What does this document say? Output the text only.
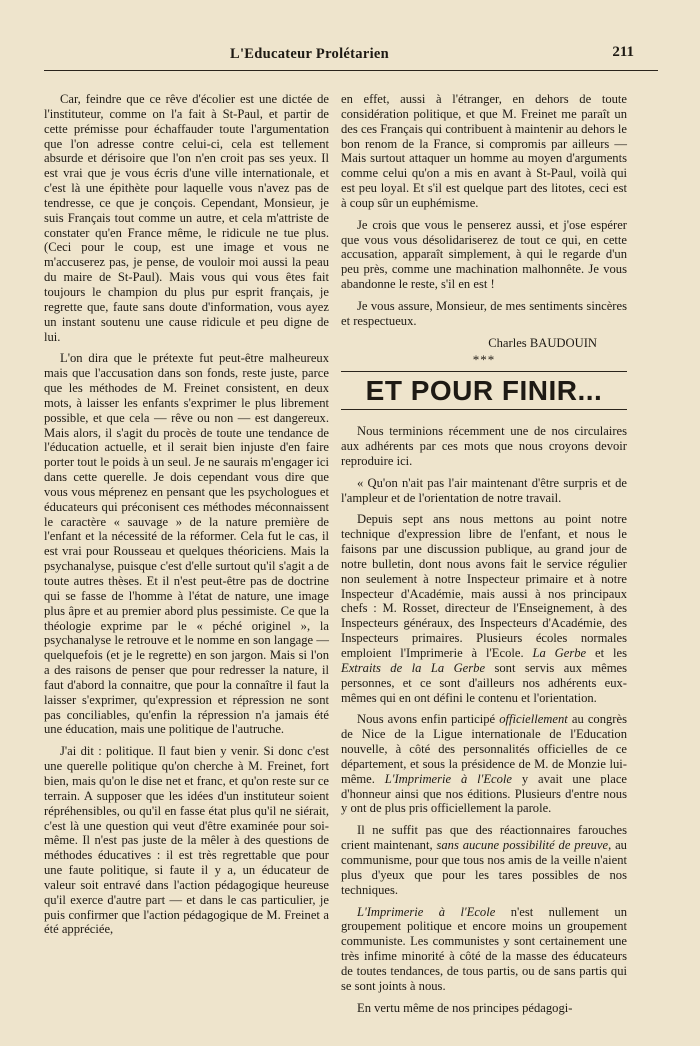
L'Educateur Prolétarien	211

Car, feindre que ce rêve d'écolier est une dictée de l'instituteur, comme on l'a fait à St-Paul, et partir de cette prémisse pour échaffauder toute l'argumentation que l'on adresse contre celui-ci, cela est tellement absurde et dérisoire que l'on n'en croit pas ses yeux. Il est vrai que je vous écris d'une ville internationale, et c'est là une épithète pour laquelle vous n'avez pas de tendresse, ce que je conçois. Cependant, Monsieur, je suis Français tout comme un autre, et cela m'attriste de constater qu'en France même, le ridicule ne tue plus. (Ceci pour le coup, est une image et vous ne m'accuserez pas, je pense, de vouloir moi aussi la peau du maire de St-Paul). Mais vous qui vous êtes fait toujours le champion du plus pur esprit français, je regrette que, faute sans doute d'information, vous ayez un instant soutenu une cause ridicule et peu digne de lui.

L'on dira que le prétexte fut peut-être malheureux mais que l'accusation dans son fonds, reste juste, parce que les méthodes de M. Freinet consistent, en deux mots, à laisser les enfants s'exprimer le plus librement possible, et que cela — rêve ou non — est dangereux. Mais alors, il s'agit du procès de toute une tendance de l'éducation actuelle, et il serait bien injuste d'en faire porter tout le poids à un seul. Je ne saurais m'engager ici dans cette querelle. Je dois cependant vous dire que vous vous méprenez en pensant que les psychologues et éducateurs qui préconisent ces méthodes méconnaissent le caractère « sauvage » de la nature première de l'enfant et la nécessité de la réformer. Cela fut le cas, il est vrai pour Rousseau et quelques théoriciens. Mais la psychanalyse, puisque c'est d'elle surtout qu'il s'agit a de toute autres thèses. Et il n'est peut-être pas de doctrine qui se fasse de l'homme à l'état de nature, une image plus âpre et au premier abord plus pessimiste. Ce que la théologie exprime par le « péché originel », la psychanalyse le retrouve et le nomme en son langage — quelquefois (et je le regrette) en son jargon. Mais si l'on a des raisons de penser que pour redresser la nature, il faut d'abord la connaitre, que pour la connaître il faut la laisser s'exprimer, qu'expression et répression ne sont pas conciliables, qu'enfin la répression n'a jamais été une éducation, mais une politique de l'autruche.

J'ai dit : politique. Il faut bien y venir. Si donc c'est une querelle politique qu'on cherche à M. Freinet, fort bien, mais qu'on le dise net et franc, et qu'on reste sur ce terrain. A supposer que les idées d'un instituteur soient répréhensibles, ou qu'il en fasse état plus qu'il ne siérait, c'est là une question qui veut d'être examinée pour soi-même. Il n'est pas juste de la mêler à des questions de méthodes éducatives : il est très regrettable que pour une faute politique, si faute il y a, un éducateur de valeur soit entravé dans l'action pédagogique heureuse qu'il exerce d'autre part — et dans le cas particulier, je puis confirmer que l'action pédagogique de M. Freinet a été appréciée,

en effet, aussi à l'étranger, en dehors de toute considération politique, et que M. Freinet me paraît un des ces Français qui contribuent à maintenir au dehors le bon renom de la France, si compromis par ailleurs — Mais surtout attaquer un homme au moyen d'arguments comme celui qu'on a mis en avant à St-Paul, voilà qui est peu loyal. Et s'il est quelque part des litotes, ceci est à coup sûr un euphémisme.

Je crois que vous le penserez aussi, et j'ose espérer que vous vous désolidariserez de tout ce qui, en cette accusation, apparaît simplement, à qui le regarde d'un peu près, comme une machination malhonnête. Je vous abandonne le reste, s'il en est !

Je vous assure, Monsieur, de mes sentiments sincères et respectueux.

Charles BAUDOUIN
***
ET POUR FINIR...

Nous terminions récemment une de nos circulaires aux adhérents par ces mots que nous croyons devoir reproduire ici.

« Qu'on n'ait pas l'air maintenant d'être surpris et de l'ampleur et de l'orientation de notre travail.

Depuis sept ans nous mettons au point notre technique d'expression libre de l'enfant, et nous le faisons par une discussion publique, au grand jour de notre bulletin, dont nous avons fait le service régulier non seulement à notre Inspecteur primaire et à notre Inspecteur d'Académie, mais aussi à nos principaux chefs : M. Rosset, directeur de l'Enseignement, à des Inspecteurs généraux, des Inspecteurs d'Académie, des Inspecteurs primaires. Plusieurs écoles normales emploient l'Imprimerie à l'Ecole. La Gerbe et les Extraits de la La Gerbe sont servis aux mêmes personnes, et ce sont d'ailleurs nos adhérents eux-mêmes qui en ont défini le contenu et l'orientation.

Nous avons enfin participé officiellement au congrès de Nice de la Ligue internationale de l'Education nouvelle, à côté des personnalités officielles de ce département, et sous la présidence de M. de Monzie lui-même. L'Imprimerie à l'Ecole y avait une place d'honneur ainsi que nos éditions. Plusieurs d'entre nous y ont de plus pris officiellement la parole.

Il ne suffit pas que des réactionnaires farouches crient maintenant, sans aucune possibilité de preuve, au communisme, pour que tous nos amis de la veille n'aient plus d'yeux que pour les tares possibles de nos techniques.

L'Imprimerie à l'Ecole n'est nullement un groupement politique et encore moins un groupement communiste. Les communistes y sont certainement une très infime minorité à côté de la masse des éducateurs de toutes tendances, de tous partis, ou de sans partis qui se sont joints à nous.

En vertu même de nos principes pédagogi-
